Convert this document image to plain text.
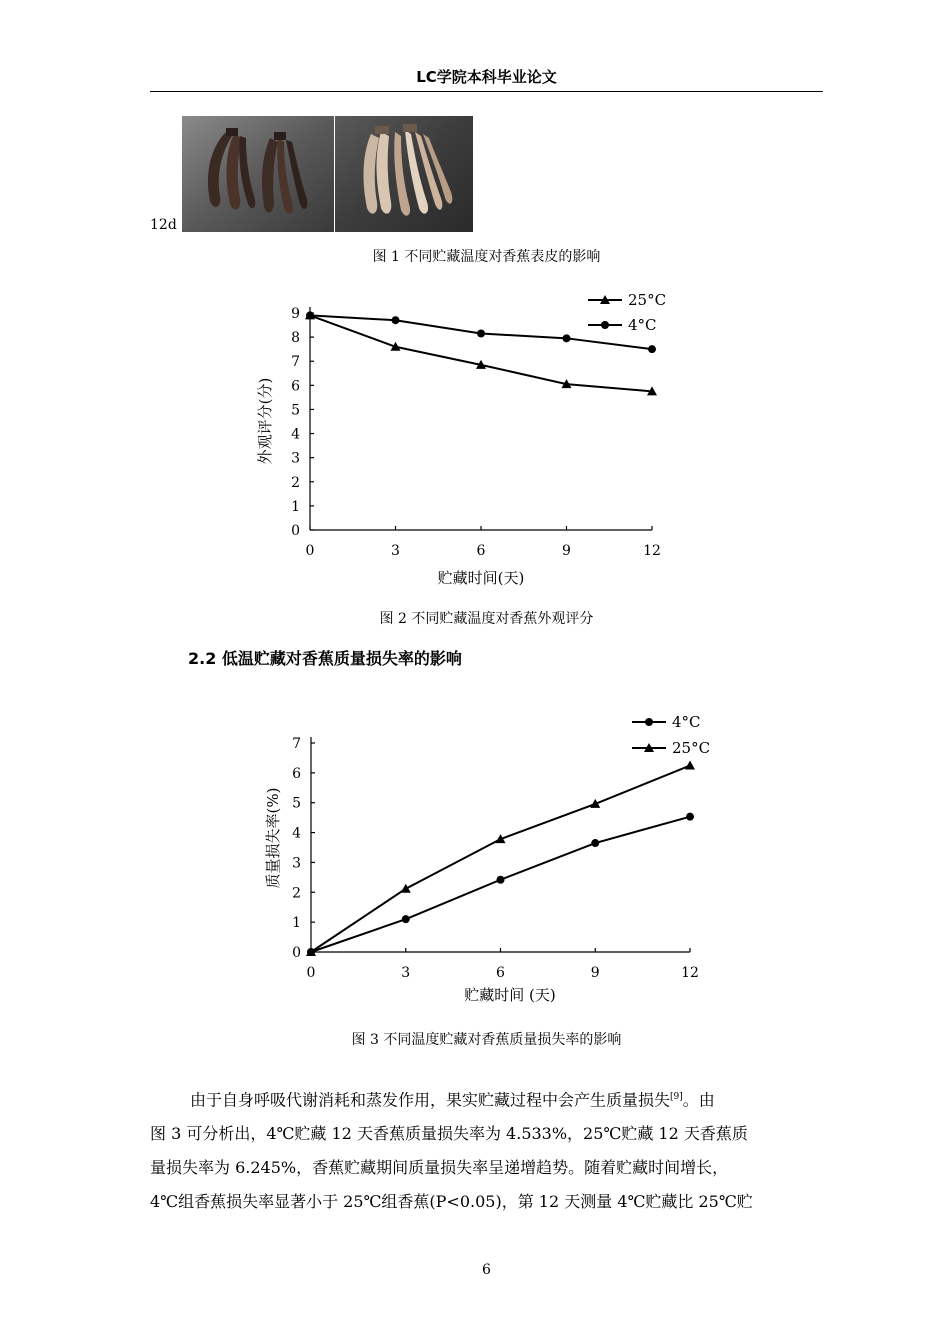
LC学院本科毕业论文
12d
图 1 不同贮藏温度对香蕉表皮的影响
0
1
2
3
4
5
6
7
8
9
0	3	6	9	12
25°C
4°C
外观评分(分)
贮藏时间(天)
图 2 不同贮藏温度对香蕉外观评分
2.2 低温贮藏对香蕉质量损失率的影响
0
1
2
3
4
5
6
7
0	3	6	9	12
4°C
25°C
质量损失率(%)
贮藏时间 (天)
图 3 不同温度贮藏对香蕉质量损失率的影响

由于自身呼吸代谢消耗和蒸发作用，果实贮藏过程中会产生质量损失[9]。由

图 3 可分析出，4℃贮藏 12 天香蕉质量损失率为 4.533%，25℃贮藏 12 天香蕉质

量损失率为 6.245%，香蕉贮藏期间质量损失率呈递增趋势。随着贮藏时间增长，

4℃组香蕉损失率显著小于 25℃组香蕉(P<0.05)，第 12 天测量 4℃贮藏比 25℃贮

6
